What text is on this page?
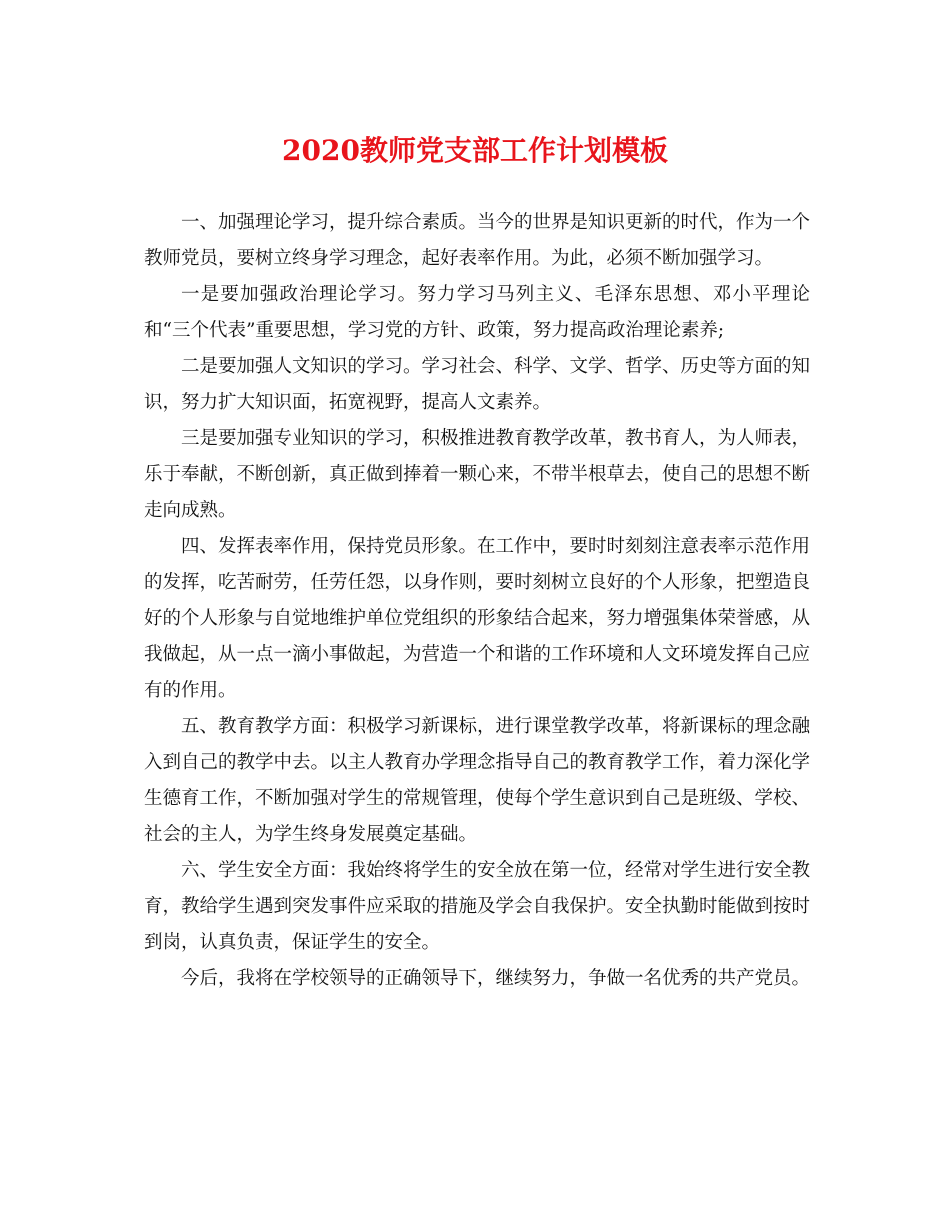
2020教师党支部工作计划模板

一、加强理论学习，提升综合素质。当今的世界是知识更新的时代，作为一个教师党员，要树立终身学习理念，起好表率作用。为此，必须不断加强学习。

一是要加强政治理论学习。努力学习马列主义、毛泽东思想、邓小平理论和“三个代表”重要思想，学习党的方针、政策，努力提高政治理论素养;

二是要加强人文知识的学习。学习社会、科学、文学、哲学、历史等方面的知识，努力扩大知识面，拓宽视野，提高人文素养。

三是要加强专业知识的学习，积极推进教育教学改革，教书育人，为人师表，乐于奉献，不断创新，真正做到捧着一颗心来，不带半根草去，使自己的思想不断走向成熟。

四、发挥表率作用，保持党员形象。在工作中，要时时刻刻注意表率示范作用的发挥，吃苦耐劳，任劳任怨，以身作则，要时刻树立良好的个人形象，把塑造良好的个人形象与自觉地维护单位党组织的形象结合起来，努力增强集体荣誉感，从我做起，从一点一滴小事做起，为营造一个和谐的工作环境和人文环境发挥自己应有的作用。

五、教育教学方面：积极学习新课标，进行课堂教学改革，将新课标的理念融入到自己的教学中去。以主人教育办学理念指导自己的教育教学工作，着力深化学生德育工作，不断加强对学生的常规管理，使每个学生意识到自己是班级、学校、社会的主人，为学生终身发展奠定基础。

六、学生安全方面：我始终将学生的安全放在第一位，经常对学生进行安全教育，教给学生遇到突发事件应采取的措施及学会自我保护。安全执勤时能做到按时到岗，认真负责，保证学生的安全。

今后，我将在学校领导的正确领导下，继续努力，争做一名优秀的共产党员。
